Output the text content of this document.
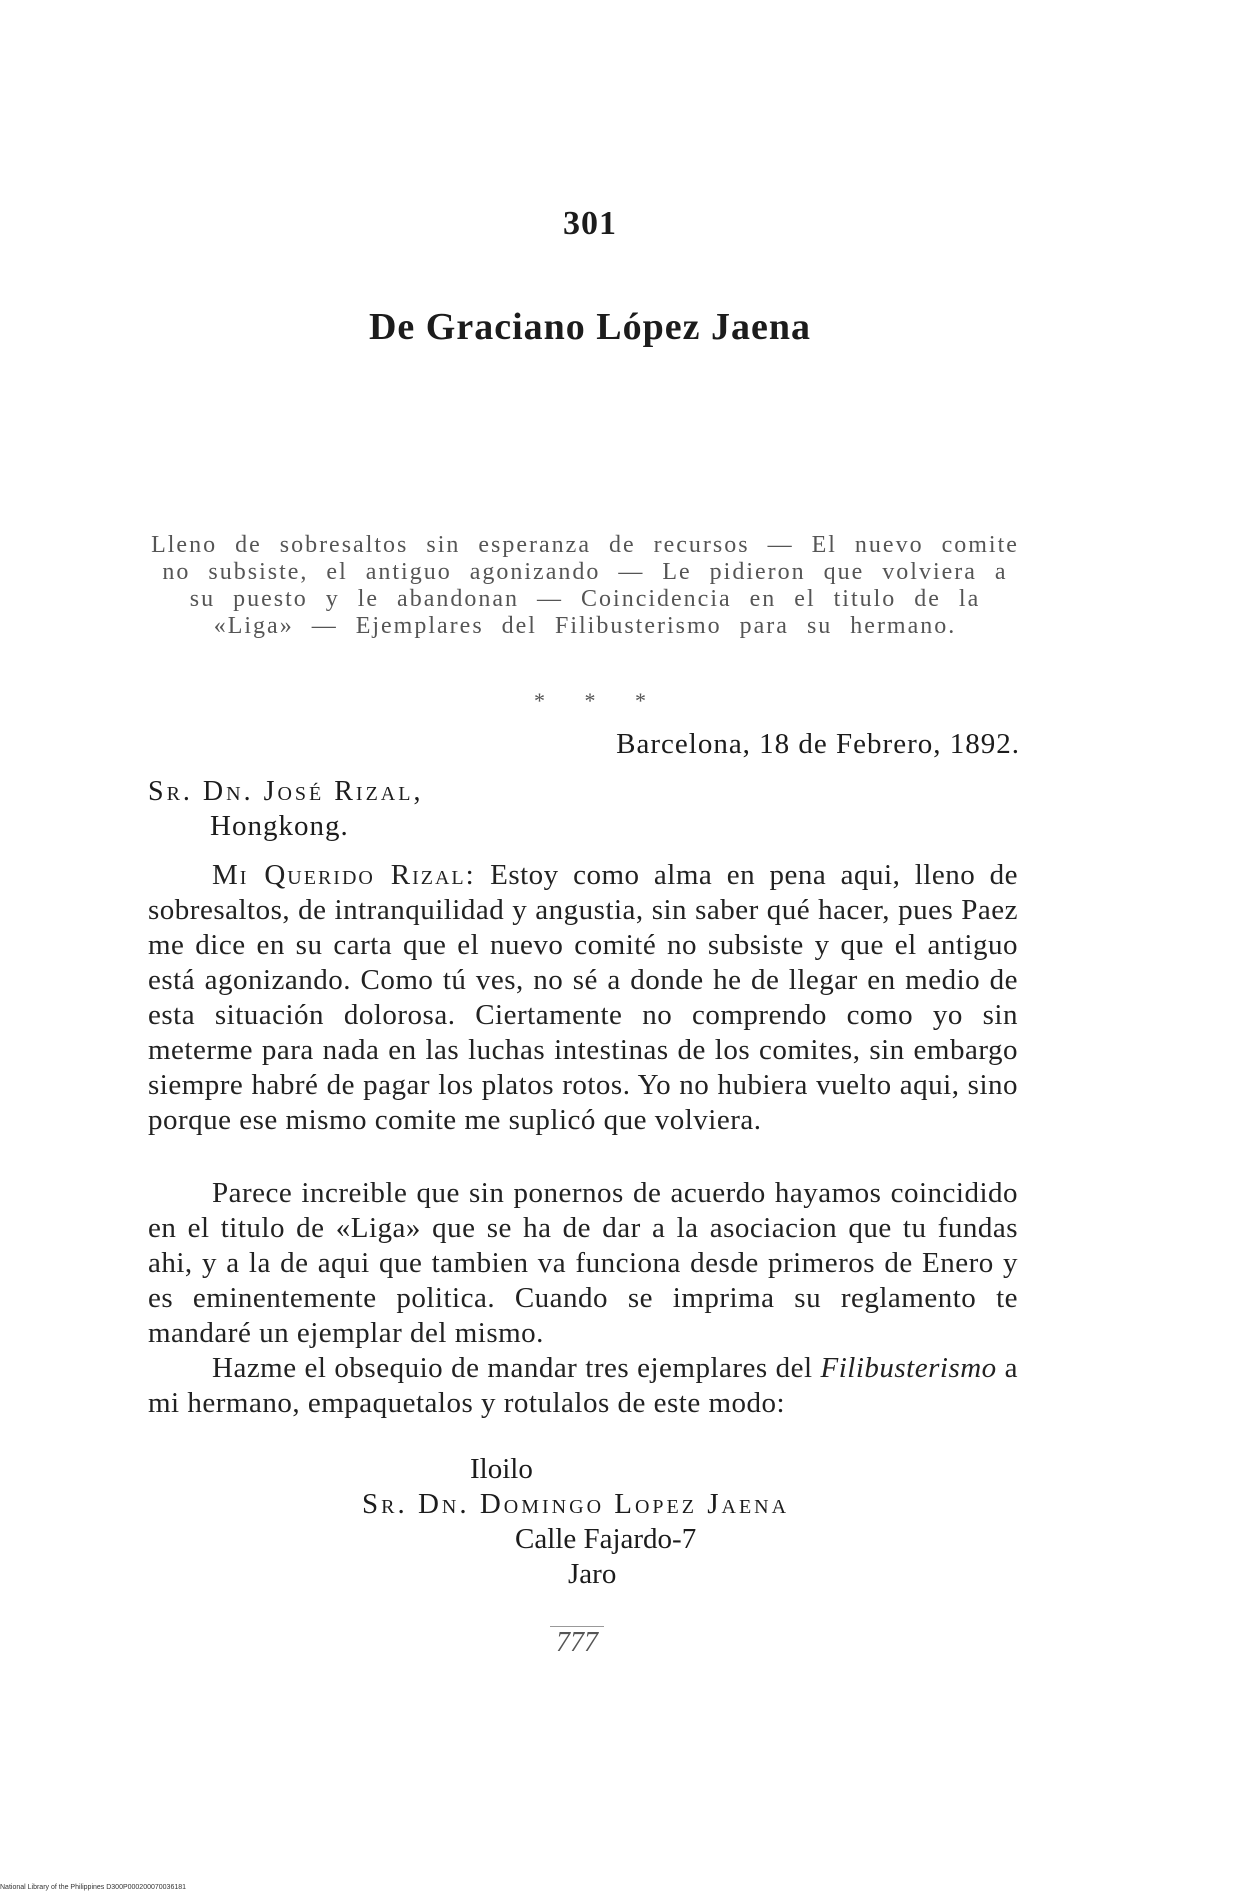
301
De Graciano López Jaena
Lleno de sobresaltos sin esperanza de recursos — El nuevo comite no subsiste, el antiguo agonizando — Le pidieron que volviera a su puesto y le abandonan — Coincidencia en el titulo de la «Liga» — Ejemplares del Filibusterismo para su hermano.
* * *
Barcelona, 18 de Febrero, 1892.
Sr. Dn. José Rizal,
Hongkong.
Mi Querido Rizal: Estoy como alma en pena aqui, lleno de sobresaltos, de intranquilidad y angustia, sin saber qué hacer, pues Paez me dice en su carta que el nuevo comité no subsiste y que el antiguo está agonizando. Como tú ves, no sé a donde he de llegar en medio de esta situación dolorosa. Ciertamente no comprendo como yo sin meterme para nada en las luchas intestinas de los comites, sin embargo siempre habré de pagar los platos rotos. Yo no hubiera vuelto aqui, sino porque ese mismo comite me suplicó que volviera.
Parece increible que sin ponernos de acuerdo hayamos coincidido en el titulo de «Liga» que se ha de dar a la asociacion que tu fundas ahi, y a la de aqui que tambien va funciona desde primeros de Enero y es eminentemente politica. Cuando se imprima su reglamento te mandaré un ejemplar del mismo.
Hazme el obsequio de mandar tres ejemplares del Filibusterismo a mi hermano, empaquetalos y rotulalos de este modo:
Iloilo
Sr. Dn. Domingo Lopez Jaena
Calle Fajardo-7
Jaro
777
National Library of the Philippines D300P000200070036181
